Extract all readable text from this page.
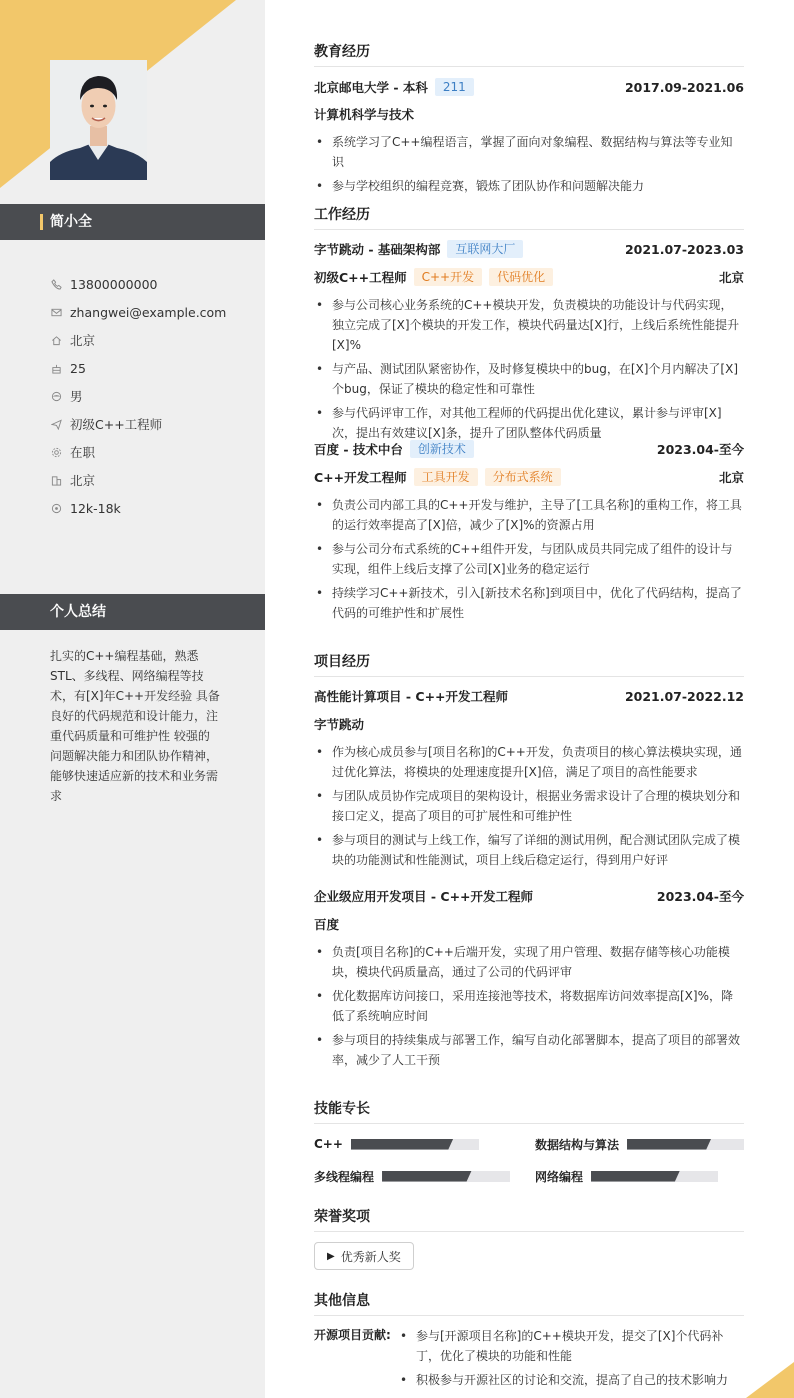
简小全
13800000000
zhangwei@example.com
北京
25
男
初级C++工程师
在职
北京
12k-18k
个人总结
扎实的C++编程基础，熟悉STL、多线程、网络编程等技术，有[X]年C++开发经验 具备良好的代码规范和设计能力，注重代码质量和可维护性 较强的问题解决能力和团队协作精神，能够快速适应新的技术和业务需求
教育经历
北京邮电大学 - 本科	211	2017.09-2021.06
计算机科学与技术
• 系统学习了C++编程语言，掌握了面向对象编程、数据结构与算法等专业知识
• 参与学校组织的编程竞赛，锻炼了团队协作和问题解决能力
工作经历
字节跳动 - 基础架构部	互联网大厂	2021.07-2023.03
初级C++工程师	C++开发	代码优化	北京
• 参与公司核心业务系统的C++模块开发，负责模块的功能设计与代码实现，独立完成了[X]个模块的开发工作，模块代码量达[X]行，上线后系统性能提升[X]%
• 与产品、测试团队紧密协作，及时修复模块中的bug，在[X]个月内解决了[X]个bug，保证了模块的稳定性和可靠性
• 参与代码评审工作，对其他工程师的代码提出优化建议，累计参与评审[X]次，提出有效建议[X]条，提升了团队整体代码质量
百度 - 技术中台	创新技术	2023.04-至今
C++开发工程师	工具开发	分布式系统	北京
• 负责公司内部工具的C++开发与维护，主导了[工具名称]的重构工作，将工具的运行效率提高了[X]倍，减少了[X]%的资源占用
• 参与公司分布式系统的C++组件开发，与团队成员共同完成了组件的设计与实现，组件上线后支撑了公司[X]业务的稳定运行
• 持续学习C++新技术，引入[新技术名称]到项目中，优化了代码结构，提高了代码的可维护性和扩展性
项目经历
高性能计算项目 - C++开发工程师	2021.07-2022.12
字节跳动
• 作为核心成员参与[项目名称]的C++开发，负责项目的核心算法模块实现，通过优化算法，将模块的处理速度提升[X]倍，满足了项目的高性能要求
• 与团队成员协作完成项目的架构设计，根据业务需求设计了合理的模块划分和接口定义，提高了项目的可扩展性和可维护性
• 参与项目的测试与上线工作，编写了详细的测试用例，配合测试团队完成了模块的功能测试和性能测试，项目上线后稳定运行，得到用户好评
企业级应用开发项目 - C++开发工程师	2023.04-至今
百度
• 负责[项目名称]的C++后端开发，实现了用户管理、数据存储等核心功能模块，模块代码质量高，通过了公司的代码评审
• 优化数据库访问接口，采用连接池等技术，将数据库访问效率提高[X]%，降低了系统响应时间
• 参与项目的持续集成与部署工作，编写自动化部署脚本，提高了项目的部署效率，减少了人工干预
技能专长
C++	数据结构与算法
多线程编程	网络编程
荣誉奖项
▶ 优秀新人奖
其他信息
开源项目贡献:
•	参与[开源项目名称]的C++模块开发，提交了[X]个代码补丁，优化了模块的功能和性能
• 积极参与开源社区的讨论和交流，提高了自己的技术影响力
